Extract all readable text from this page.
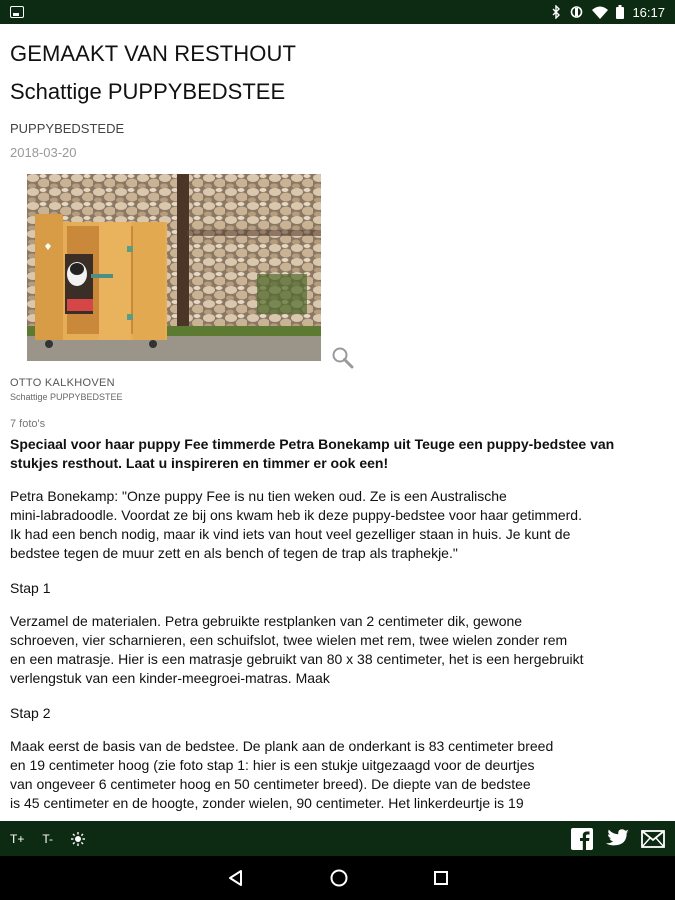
16:17
GEMAAKT VAN RESTHOUT
Schattige PUPPYBEDSTEE
PUPPYBEDSTEDE
2018-03-20
OTTO KALKHOVEN
Schattige PUPPYBEDSTEE
7 foto's
Speciaal voor haar puppy Fee timmerde Petra Bonekamp uit Teuge een puppy-bedstee van stukjes resthout. Laat u inspireren en timmer er ook een!
Petra Bonekamp: "Onze puppy Fee is nu tien weken oud. Ze is een Australische
mini-labradoodle. Voordat ze bij ons kwam heb ik deze puppy-bedstee voor haar getimmerd.
Ik had een bench nodig, maar ik vind iets van hout veel gezelliger staan in huis. Je kunt de
bedstee tegen de muur zett en als bench of tegen de trap als traphekje."
Stap 1
Verzamel de materialen. Petra gebruikte restplanken van 2 centimeter dik, gewone
schroeven, vier scharnieren, een schuifslot, twee wielen met rem, twee wielen zonder rem
en een matrasje. Hier is een matrasje gebruikt van 80 x 38 centimeter, het is een hergebruikt
verlengstuk van een kinder-meegroei-matras. Maak
Stap 2
Maak eerst de basis van de bedstee. De plank aan de onderkant is 83 centimeter breed
en 19 centimeter hoog (zie foto stap 1: hier is een stukje uitgezaagd voor de deurtjes
van ongeveer 6 centimeter hoog en 50 centimeter breed). De diepte van de bedstee
is 45 centimeter en de hoogte, zonder wielen, 90 centimeter. Het linkerdeurtje is 19
T+ T-
